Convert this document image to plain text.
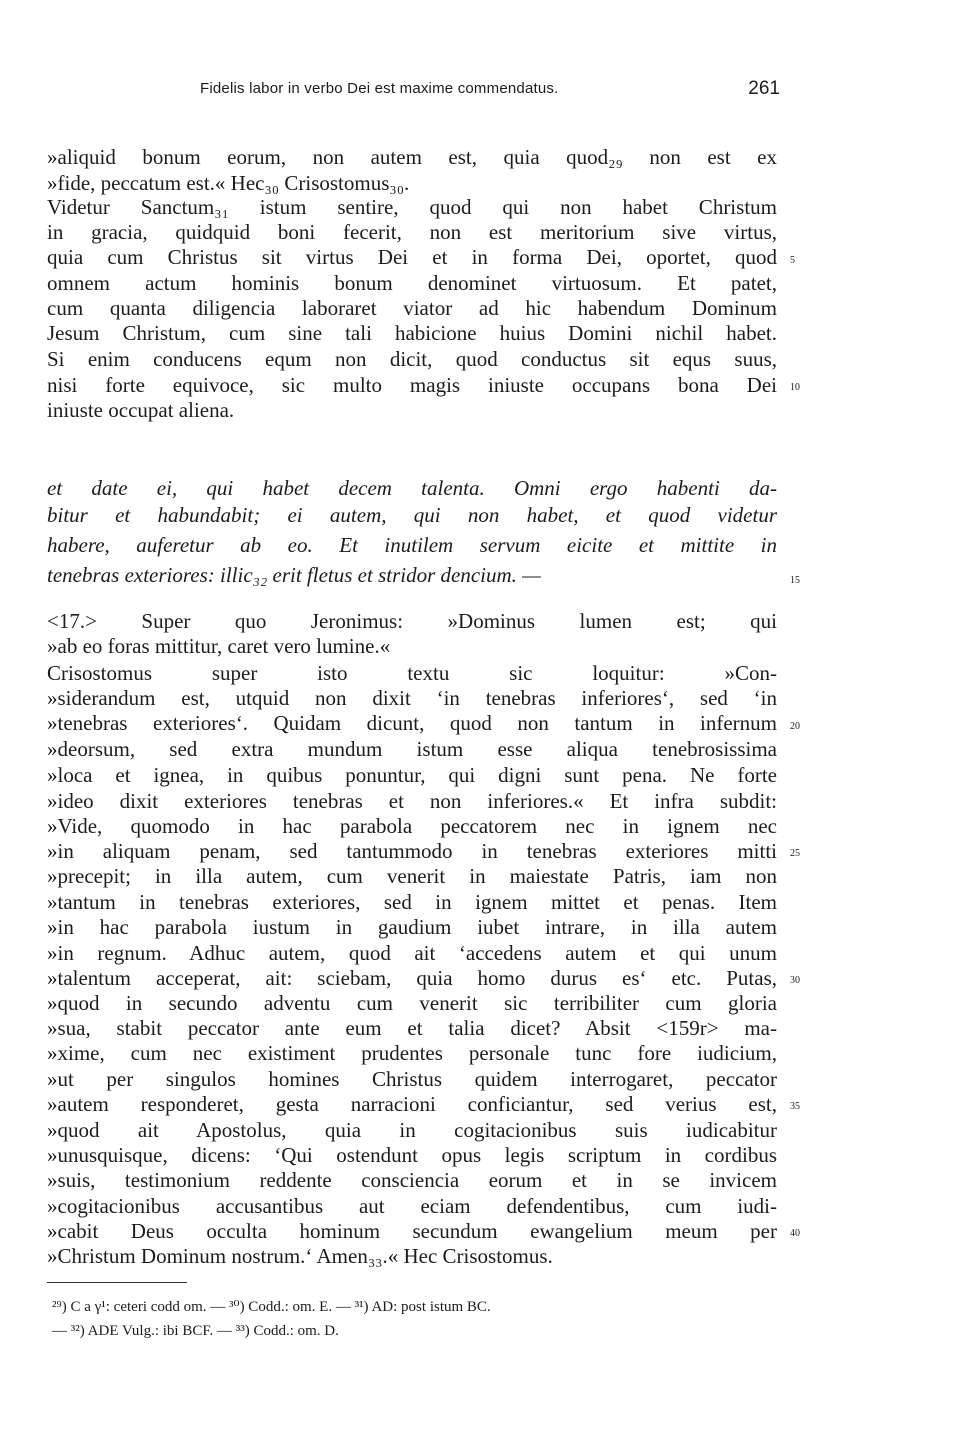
Fidelis labor in verbo Dei est maxime commendatus.	261
»aliquid bonum eorum, non autem est, quia quod₂₉ non est ex
»fide, peccatum est.« Hec₃₀ Crisostomus₃₀.
Videtur Sanctum₃₁ istum sentire, quod qui non habet Christum
in gracia, quidquid boni fecerit, non est meritorium sive virtus,
quia cum Christus sit virtus Dei et in forma Dei, oportet, quod
omnem actum hominis bonum denominet virtuosum. Et patet,
cum quanta diligencia laboraret viator ad hic habendum Dominum
Jesum Christum, cum sine tali habicione huius Domini nichil habet.
Si enim conducens equm non dicit, quod conductus sit equs suus,
nisi forte equivoce, sic multo magis iniuste occupans bona Dei
iniuste occupat aliena.
et date ei, qui habet decem talenta. Omni ergo habenti da-
bitur et habundabit; ei autem, qui non habet, et quod videtur
habere, auferetur ab eo. Et inutilem servum eicite et mittite in
tenebras exteriores: illic₃₂ erit fletus et stridor dencium. —
<17.> Super quo Jeronimus: »Dominus lumen est; qui
»ab eo foras mittitur, caret vero lumine.«
Crisostomus super isto textu sic loquitur: »Con-
»siderandum est, utquid non dixit ‘in tenebras inferiores‘, sed ‘in
»tenebras exteriores‘. Quidam dicunt, quod non tantum in infernum
»deorsum, sed extra mundum istum esse aliqua tenebrosissima
»loca et ignea, in quibus ponuntur, qui digni sunt pena. Ne forte
»ideo dixit exteriores tenebras et non inferiores.« Et infra subdit:
»Vide, quomodo in hac parabola peccatorem nec in ignem nec
»in aliquam penam, sed tantummodo in tenebras exteriores mitti
»precepit; in illa autem, cum venerit in maiestate Patris, iam non
»tantum in tenebras exteriores, sed in ignem mittet et penas. Item
»in hac parabola iustum in gaudium iubet intrare, in illa autem
»in regnum. Adhuc autem, quod ait ‘accedens autem et qui unum
»talentum acceperat, ait: sciebam, quia homo durus es‘ etc. Putas,
»quod in secundo adventu cum venerit sic terribiliter cum gloria
»sua, stabit peccator ante eum et talia dicet? Absit <159r> ma-
»xime, cum nec existiment prudentes personale tunc fore iudicium,
»ut per singulos homines Christus quidem interrogaret, peccator
»autem responderet, gesta narracioni conficiantur, sed verius est,
»quod ait Apostolus, quia in cogitacionibus suis iudicabitur
»unusquisque, dicens: ‘Qui ostendunt opus legis scriptum in cordibus
»suis, testimonium reddente consciencia eorum et in se invicem
»cogitacionibus accusantibus aut eciam defendentibus, cum iudi-
»cabit Deus occulta hominum secundum ewangelium meum per
»Christum Dominum nostrum.‘ Amen₃₃.« Hec Crisostomus.
5
10
15
20
25
30
35
40
²⁹) C a γ¹: ceteri codd om. — ³⁰) Codd.: om. E. — ³¹) AD: post istum BC.
— ³²) ADE Vulg.: ibi BCF. — ³³) Codd.: om. D.
